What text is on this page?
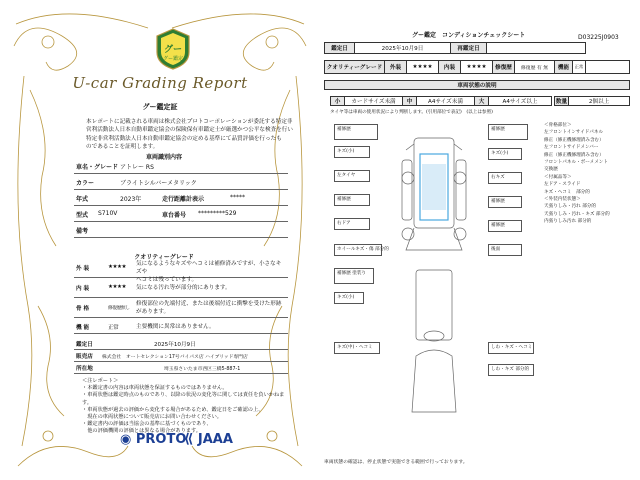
グー
グー鑑定
U-car Grading Report
グー鑑定証
本レポートに記載される車両は株式会社プロトコーポレーションが委託する特定非
営利活動法人日本自動車鑑定協会の保険保有車鑑定士が厳選かつ公平な検査を行い
特定非営利活動法人日本自動車鑑定協会の定める基準にて品質評価を行ったも
のであることを証明します。
車両識別内容
車名・グレード アトレー RS
カラー	ブライトシルバーメタリック
年式	2023年	走行距離計表示	*****
型式 S710V	車台番号 *********529
備考
クオリティーグレード
外 装	★★★★ 気になるようなキズやヘコミは補修済みですが、小さなキズや
ヘコミは残っています。
内 装	★★★★ 気になる汚れ等が部分的にあります。
骨 格	修復歴無し
修復部位の先端付近、または後端付近に衝撃を受けた形跡
があります。
機 能	正常	主要機関に異常はありません。
鑑定日	2025年10月9日
販売店 株式会社　オートセレクション17号バイパス店 ハイブリッド専門店
所在地	埼玉県さいたま市西区三橋5-887-1
＜注レポート＞
・本鑑定書の内容は車両状態を保証するものではありません。
・車両状態は鑑定時点のものであり、以降の状況の変化等に関しては責任を負いかねます。
・車両状態が過去の評価から変化する場合があるため、鑑定日をご確認の上、
　現在の車両状態について販売店にお問い合わせください。
・鑑定書内の評価は当協会の基準に基づくものであり、
　他の評価機関の評価とは異なる場合があります。
◉ PROTO
⟪ JAAA
グー鑑定　コンディションチェックシート	D03225J0903
鑑定日	2025年10月9日	再鑑定日
クオリティーグレード	外装	★★★★	内装	★★★★	修復歴	修復歴 有 無	機能	正常
車両状態の説明
小	カードサイズ未満	中	A4サイズ未満	大	A4サイズ以上	数量	2個以上
タイヤ等は車両の使用状況により判断します。(引用部位で表記)　(以上は参照)
補修歴
キズ(小)
左タイヤ
補修歴
右ドア
ホイールキズ・傷 部分的
補修歴 塗装り
キズ(小)
キズ(中)・ヘコミ
補修歴
キズ(小)
右キズ
補修歴
補修歴
後面
しわ・キズ・ヘコミ
しわ・キズ 部分的
＜骨格部位＞
左フロントインサイドパネル
修正（修正機修理済み含む）
左フロントサイドメンバー
修正（修正機修理済み含む）
フロントパネル・ボーメメント
交換歴
＜付属品等＞
左ドア・スライド
キズ・ヘコミ　部分的
＜外装内装状態＞
天張りしみ・汚れ 部分的
天張りしみ・汚れ・キズ 部分的
内張りしみ汚れ 部分的
車両状態の確認は、停止状態で実施できる範囲で行っております。
